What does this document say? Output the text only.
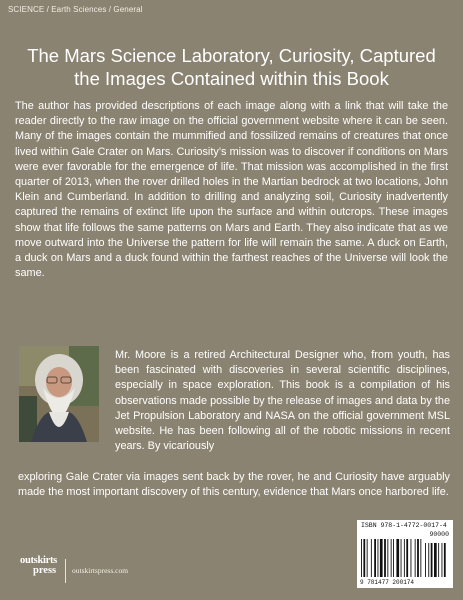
SCIENCE / Earth Sciences / General
The Mars Science Laboratory, Curiosity, Captured
the Images Contained within this Book

The author has provided descriptions of each image along with a link that will take the reader directly to the raw image on the official government website where it can be seen. Many of the images contain the mummified and fossilized remains of creatures that once lived within Gale Crater on Mars. Curiosity’s mission was to discover if conditions on Mars were ever favorable for the emergence of life. That mission was accomplished in the first quarter of 2013, when the rover drilled holes in the Martian bedrock at two locations, John Klein and Cumberland. In addition to drilling and analyzing soil, Curiosity inadvertently captured the remains of extinct life upon the surface and within outcrops. These images show that life follows the same patterns on Mars and Earth. They also indicate that as we move outward into the Universe the pattern for life will remain the same. A duck on Earth, a duck on Mars and a duck found within the farthest reaches of the Universe will look the same.

Mr. Moore is a retired Architectural Designer who, from youth, has been fascinated with discoveries in several scientific disciplines, especially in space exploration. This book is a compilation of his observations made possible by the release of images and data by the Jet Propulsion Laboratory and NASA on the official government MSL website. He has been following all of the robotic missions in recent years. By vicariously

exploring Gale Crater via images sent back by the rover, he and Curiosity have arguably made the most important discovery of this century, evidence that Mars once harbored life.

outskirts
press outskirtspress.com
ISBN 978-1-4772-0017-4
90000
9 781477 200174
